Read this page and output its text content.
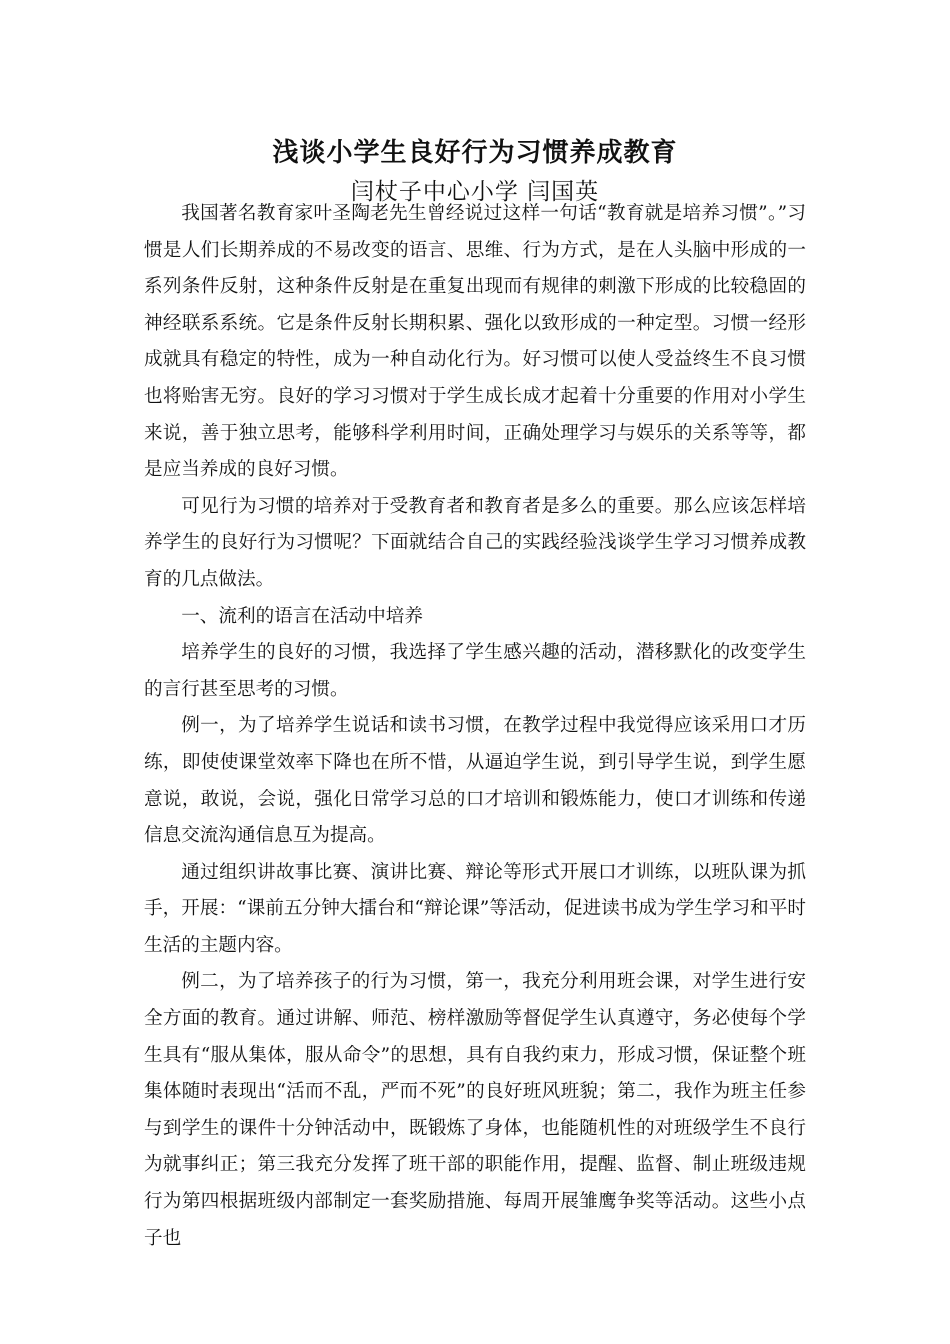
浅谈小学生良好行为习惯养成教育
闫杖子中心小学 闫国英

我国著名教育家叶圣陶老先生曾经说过这样一句话“教育就是培养习惯”。”习惯是人们长期养成的不易改变的语言、思维、行为方式，是在人头脑中形成的一系列条件反射，这种条件反射是在重复出现而有规律的刺激下形成的比较稳固的神经联系系统。它是条件反射长期积累、强化以致形成的一种定型。习惯一经形成就具有稳定的特性，成为一种自动化行为。好习惯可以使人受益终生不良习惯也将贻害无穷。良好的学习习惯对于学生成长成才起着十分重要的作用对小学生来说，善于独立思考，能够科学利用时间，正确处理学习与娱乐的关系等等，都是应当养成的良好习惯。

可见行为习惯的培养对于受教育者和教育者是多么的重要。那么应该怎样培养学生的良好行为习惯呢？下面就结合自己的实践经验浅谈学生学习习惯养成教育的几点做法。

一、流利的语言在活动中培养

培养学生的良好的习惯，我选择了学生感兴趣的活动，潜移默化的改变学生的言行甚至思考的习惯。

例一，为了培养学生说话和读书习惯，在教学过程中我觉得应该采用口才历练，即使使课堂效率下降也在所不惜，从逼迫学生说，到引导学生说，到学生愿意说，敢说，会说，强化日常学习总的口才培训和锻炼能力，使口才训练和传递信息交流沟通信息互为提高。

通过组织讲故事比赛、演讲比赛、辩论等形式开展口才训练，以班队课为抓手，开展：“课前五分钟大擂台和“辩论课”等活动，促进读书成为学生学习和平时生活的主题内容。

例二，为了培养孩子的行为习惯，第一，我充分利用班会课，对学生进行安全方面的教育。通过讲解、师范、榜样激励等督促学生认真遵守，务必使每个学生具有“服从集体，服从命令”的思想，具有自我约束力，形成习惯，保证整个班集体随时表现出“活而不乱，严而不死”的良好班风班貌；第二，我作为班主任参与到学生的课件十分钟活动中，既锻炼了身体，也能随机性的对班级学生不良行为就事纠正；第三我充分发挥了班干部的职能作用，提醒、监督、制止班级违规行为第四根据班级内部制定一套奖励措施、每周开展雏鹰争奖等活动。这些小点子也
